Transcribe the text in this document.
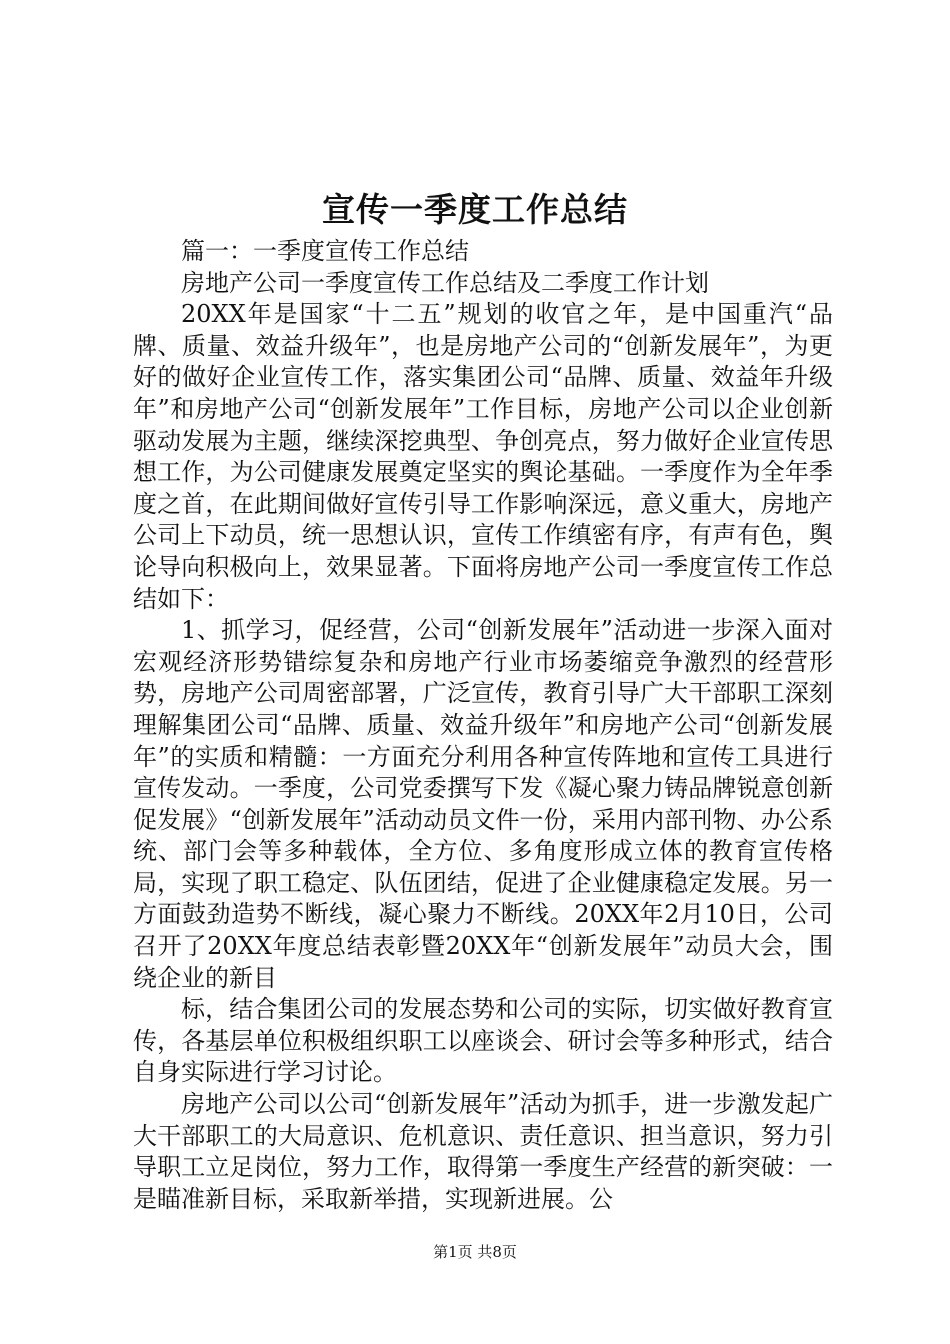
宣传一季度工作总结

篇一：一季度宣传工作总结

房地产公司一季度宣传工作总结及二季度工作计划

20XX年是国家“十二五”规划的收官之年，是中国重汽“品牌、质量、效益升级年”，也是房地产公司的“创新发展年”，为更好的做好企业宣传工作，落实集团公司“品牌、质量、效益年升级年”和房地产公司“创新发展年”工作目标，房地产公司以企业创新驱动发展为主题，继续深挖典型、争创亮点，努力做好企业宣传思想工作，为公司健康发展奠定坚实的舆论基础。一季度作为全年季度之首，在此期间做好宣传引导工作影响深远，意义重大，房地产公司上下动员，统一思想认识，宣传工作缜密有序，有声有色，舆论导向积极向上，效果显著。下面将房地产公司一季度宣传工作总结如下：

1、抓学习，促经营，公司“创新发展年”活动进一步深入面对宏观经济形势错综复杂和房地产行业市场萎缩竞争激烈的经营形势，房地产公司周密部署，广泛宣传，教育引导广大干部职工深刻理解集团公司“品牌、质量、效益升级年”和房地产公司“创新发展年”的实质和精髓：一方面充分利用各种宣传阵地和宣传工具进行宣传发动。一季度，公司党委撰写下发《凝心聚力铸品牌锐意创新促发展》“创新发展年”活动动员文件一份，采用内部刊物、办公系统、部门会等多种载体，全方位、多角度形成立体的教育宣传格局，实现了职工稳定、队伍团结，促进了企业健康稳定发展。另一方面鼓劲造势不断线，凝心聚力不断线。20XX年2月10日，公司召开了20XX年度总结表彰暨20XX年“创新发展年”动员大会，围绕企业的新目

标，结合集团公司的发展态势和公司的实际，切实做好教育宣传，各基层单位积极组织职工以座谈会、研讨会等多种形式，结合自身实际进行学习讨论。

房地产公司以公司“创新发展年”活动为抓手，进一步激发起广大干部职工的大局意识、危机意识、责任意识、担当意识，努力引导职工立足岗位，努力工作，取得第一季度生产经营的新突破：一是瞄准新目标，采取新举措，实现新进展。公

第1页 共8页
